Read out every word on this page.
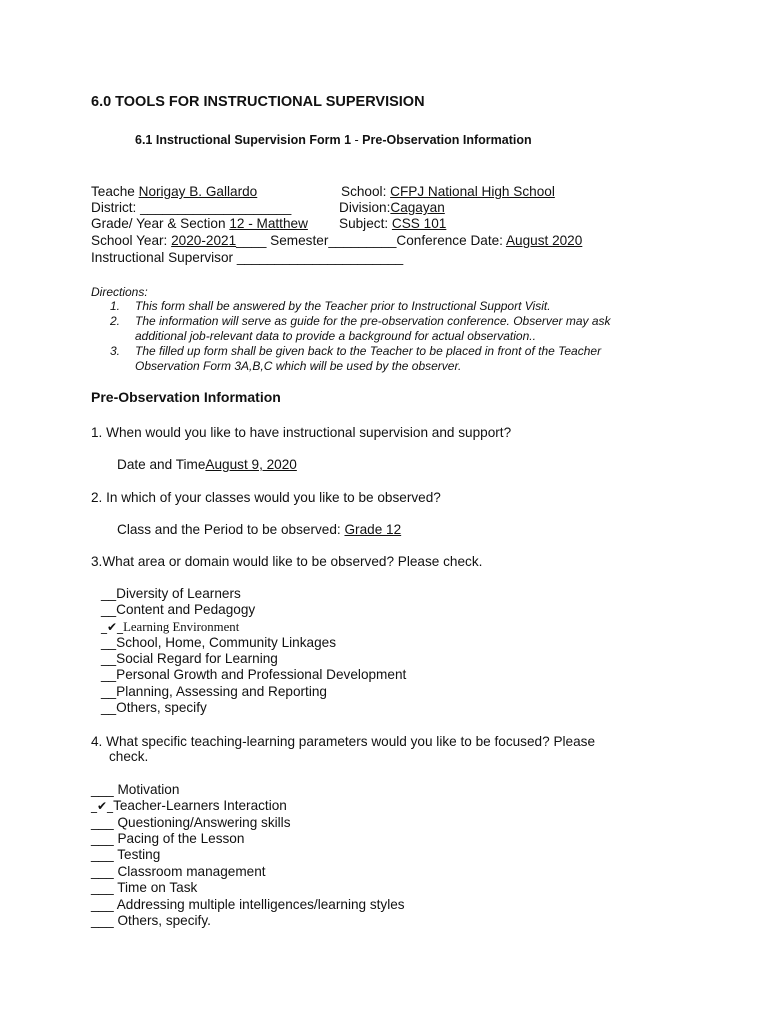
6.0 TOOLS FOR INSTRUCTIONAL SUPERVISION
6.1 Instructional Supervision Form 1 - Pre-Observation Information
Teache Norigay B. Gallardo	School: CFPJ National High School
District: ____________________	Division:Cagayan
Grade/ Year & Section 12 - Matthew Subject: CSS 101
School Year: 2020-2021____ Semester_________Conference Date: August 2020
Instructional Supervisor ______________________
Directions:
1. This form shall be answered by the Teacher prior to Instructional Support Visit.
2. The information will serve as guide for the pre-observation conference. Observer may ask
additional job-relevant data to provide a background for actual observation..
3. The filled up form shall be given back to the Teacher to be placed in front of the Teacher
Observation Form 3A,B,C which will be used by the observer.
Pre-Observation Information
1. When would you like to have instructional supervision and support?
Date and TimeAugust 9, 2020
2. In which of your classes would you like to be observed?
Class and the Period to be observed: Grade 12
3.What area or domain would like to be observed? Please check.
__Diversity of Learners
__Content and Pedagogy
_✔_Learning Environment
__School, Home, Community Linkages
__Social Regard for Learning
__Personal Growth and Professional Development
__Planning, Assessing and Reporting
__Others, specify
4. What specific teaching-learning parameters would you like to be focused? Please
check.
___ Motivation
_✔_Teacher-Learners Interaction
___ Questioning/Answering skills
___ Pacing of the Lesson
___ Testing
___ Classroom management
___ Time on Task
___ Addressing multiple intelligences/learning styles
___ Others, specify.
